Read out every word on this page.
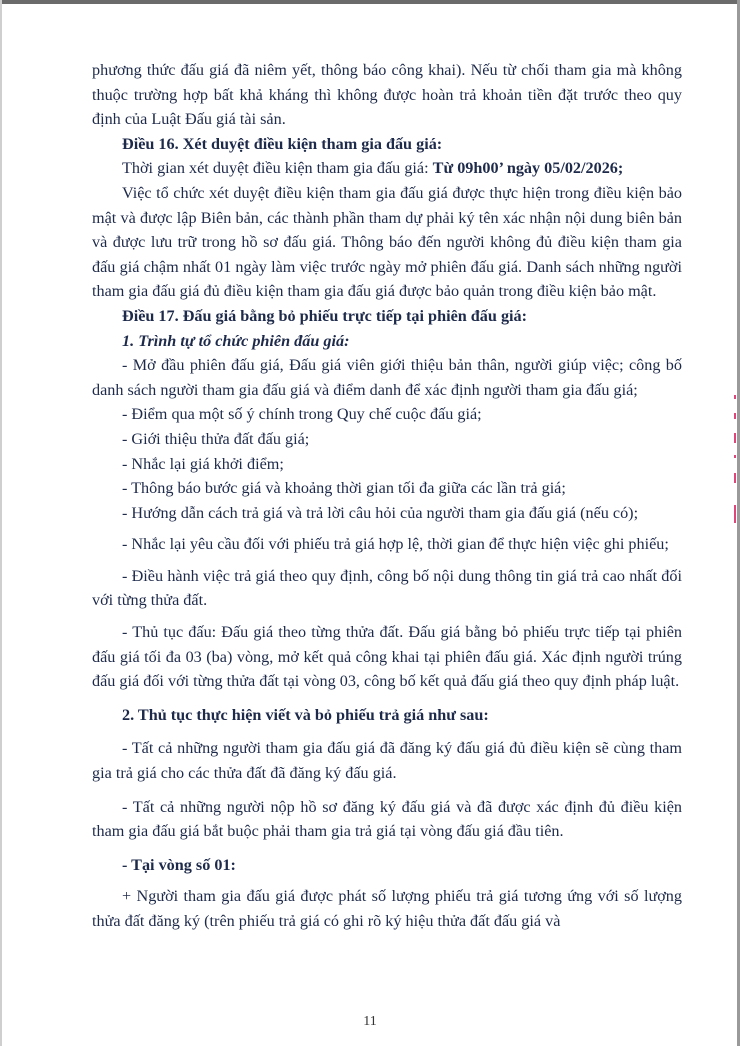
phương thức đấu giá đã niêm yết, thông báo công khai). Nếu từ chối tham gia mà không thuộc trường hợp bất khả kháng thì không được hoàn trả khoản tiền đặt trước theo quy định của Luật Đấu giá tài sản.

Điều 16. Xét duyệt điều kiện tham gia đấu giá:

Thời gian xét duyệt điều kiện tham gia đấu giá: Từ 09h00’ ngày 05/02/2026;

Việc tổ chức xét duyệt điều kiện tham gia đấu giá được thực hiện trong điều kiện bảo mật và được lập Biên bản, các thành phần tham dự phải ký tên xác nhận nội dung biên bản và được lưu trữ trong hồ sơ đấu giá. Thông báo đến người không đủ điều kiện tham gia đấu giá chậm nhất 01 ngày làm việc trước ngày mở phiên đấu giá. Danh sách những người tham gia đấu giá đủ điều kiện tham gia đấu giá được bảo quản trong điều kiện bảo mật.

Điều 17. Đấu giá bằng bỏ phiếu trực tiếp tại phiên đấu giá:

1. Trình tự tổ chức phiên đấu giá:

- Mở đầu phiên đấu giá, Đấu giá viên giới thiệu bản thân, người giúp việc; công bố danh sách người tham gia đấu giá và điểm danh để xác định người tham gia đấu giá;

- Điểm qua một số ý chính trong Quy chế cuộc đấu giá;

- Giới thiệu thửa đất đấu giá;

- Nhắc lại giá khởi điểm;

- Thông báo bước giá và khoảng thời gian tối đa giữa các lần trả giá;

- Hướng dẫn cách trả giá và trả lời câu hỏi của người tham gia đấu giá (nếu có);

- Nhắc lại yêu cầu đối với phiếu trả giá hợp lệ, thời gian để thực hiện việc ghi phiếu;

- Điều hành việc trả giá theo quy định, công bố nội dung thông tin giá trả cao nhất đối với từng thửa đất.

- Thủ tục đấu: Đấu giá theo từng thửa đất. Đấu giá bằng bỏ phiếu trực tiếp tại phiên đấu giá tối đa 03 (ba) vòng, mở kết quả công khai tại phiên đấu giá. Xác định người trúng đấu giá đối với từng thửa đất tại vòng 03, công bố kết quả đấu giá theo quy định pháp luật.

2. Thủ tục thực hiện viết và bỏ phiếu trả giá như sau:

- Tất cả những người tham gia đấu giá đã đăng ký đấu giá đủ điều kiện sẽ cùng tham gia trả giá cho các thửa đất đã đăng ký đấu giá.

- Tất cả những người nộp hồ sơ đăng ký đấu giá và đã được xác định đủ điều kiện tham gia đấu giá bắt buộc phải tham gia trả giá tại vòng đấu giá đầu tiên.

- Tại vòng số 01:

+ Người tham gia đấu giá được phát số lượng phiếu trả giá tương ứng với số lượng thửa đất đăng ký (trên phiếu trả giá có ghi rõ ký hiệu thửa đất đấu giá và

11
